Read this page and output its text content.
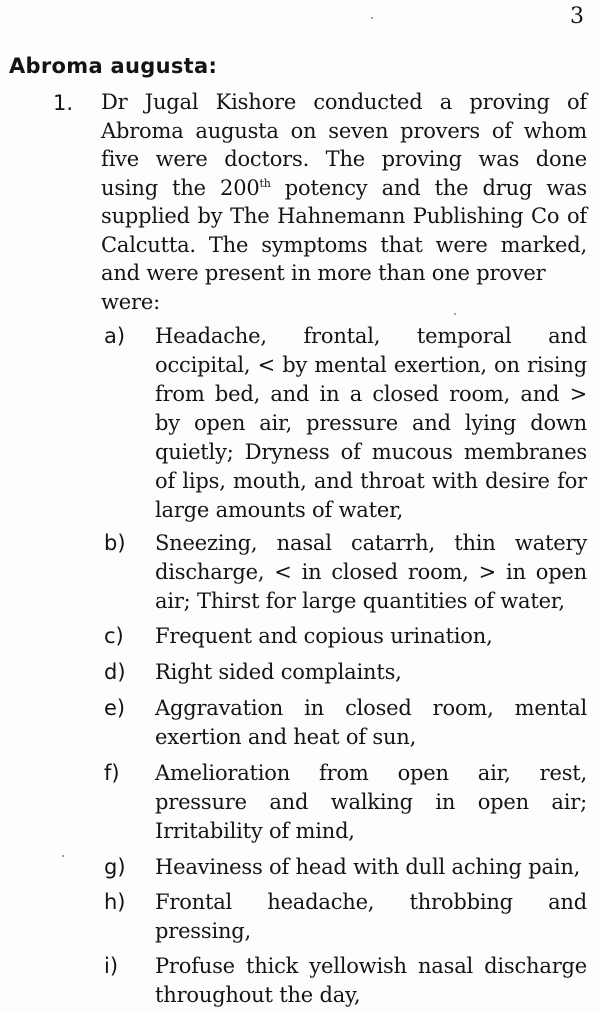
3
Abroma augusta:
1. Dr Jugal Kishore conducted a proving of Abroma augusta on seven provers of whom five were doctors. The proving was done using the 200th potency and the drug was supplied by The Hahnemann Publishing Co of Calcutta. The symptoms that were marked, and were present in more than one prover
were:
a) Headache, frontal, temporal and occipital, < by mental exertion, on rising from bed, and in a closed room, and > by open air, pressure and lying down quietly; Dryness of mucous membranes of lips, mouth, and throat with desire for large amounts of water,
b) Sneezing, nasal catarrh, thin watery discharge, < in closed room, > in open air; Thirst for large quantities of water,
c) Frequent and copious urination,
d) Right sided complaints,
e) Aggravation in closed room, mental exertion and heat of sun,
f) Amelioration from open air, rest, pressure and walking in open air; Irritability of mind,
g) Heaviness of head with dull aching pain,
h) Frontal headache, throbbing and pressing,
i) Profuse thick yellowish nasal discharge throughout the day,
